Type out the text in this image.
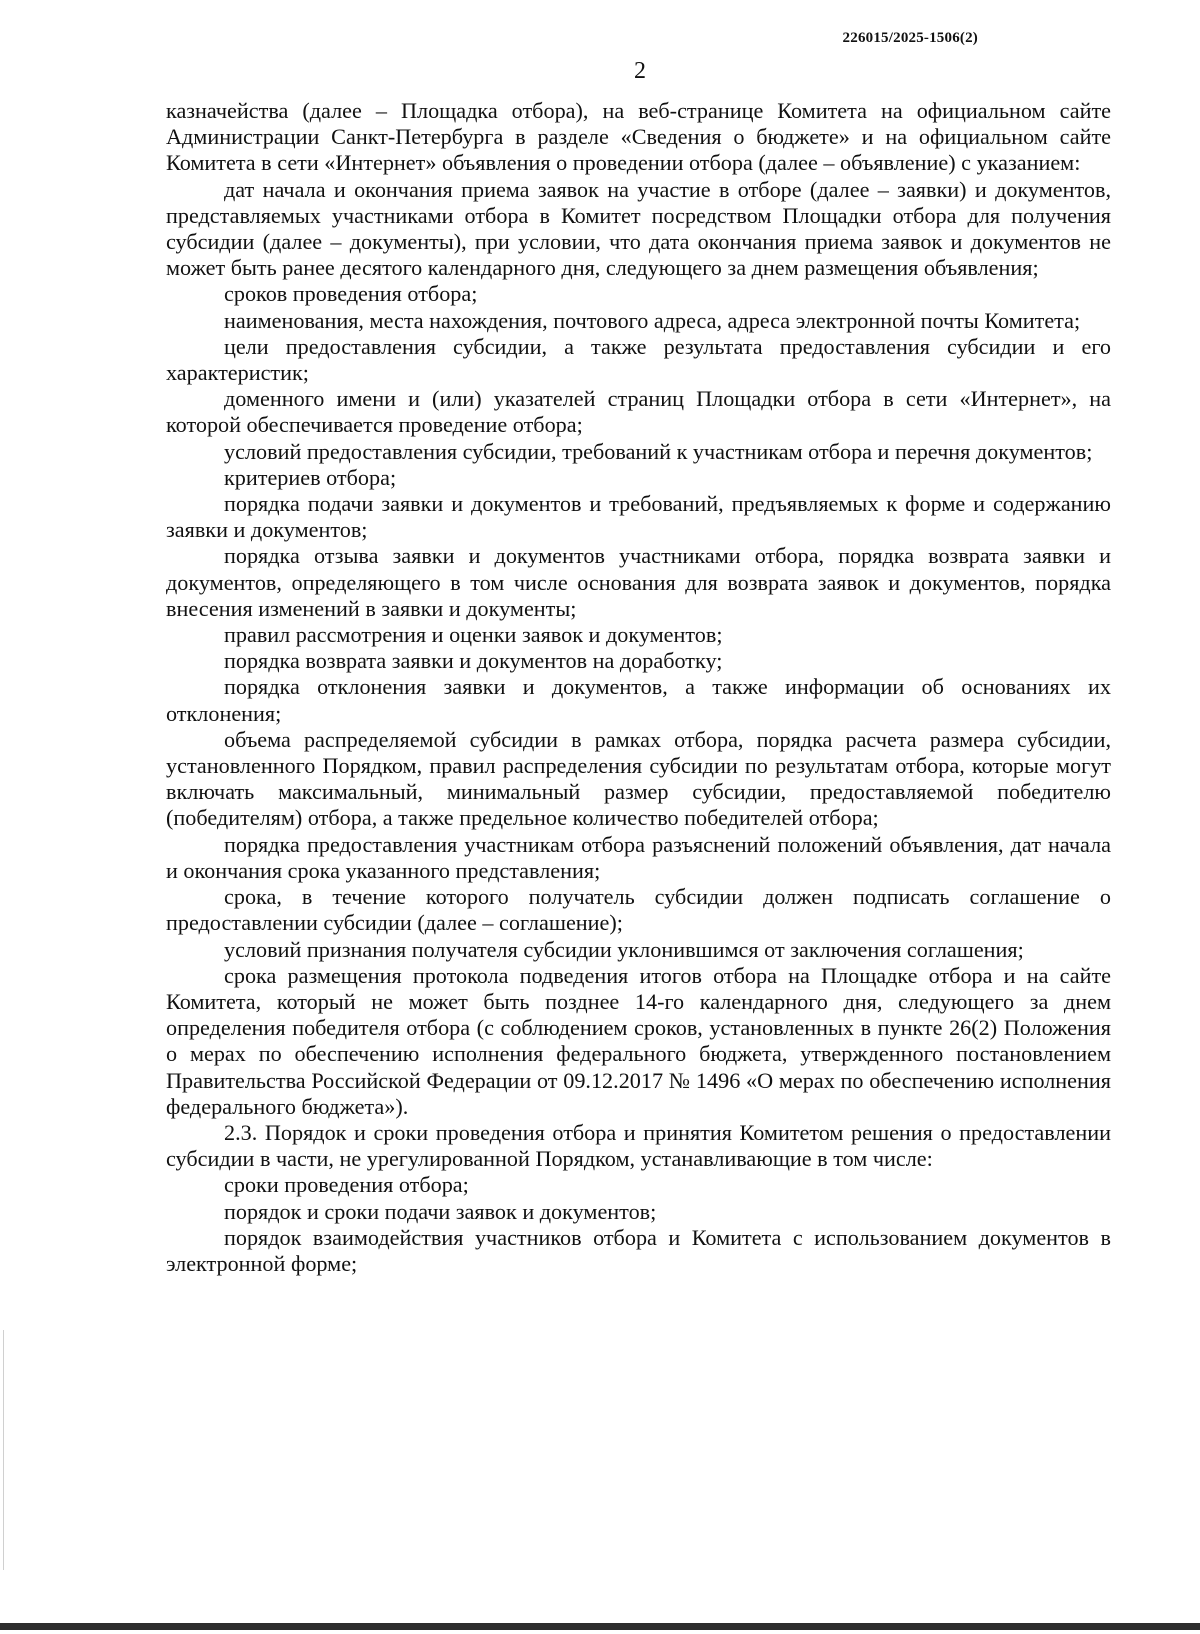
226015/2025-1506(2)
2

казначейства (далее – Площадка отбора), на веб-странице Комитета на официальном сайте Администрации Санкт-Петербурга в разделе «Сведения о бюджете» и на официальном сайте Комитета в сети «Интернет» объявления о проведении отбора (далее – объявление) с указанием:

дат начала и окончания приема заявок на участие в отборе (далее – заявки) и документов, представляемых участниками отбора в Комитет посредством Площадки отбора для получения субсидии (далее – документы), при условии, что дата окончания приема заявок и документов не может быть ранее десятого календарного дня, следующего за днем размещения объявления;

сроков проведения отбора;

наименования, места нахождения, почтового адреса, адреса электронной почты Комитета;

цели предоставления субсидии, а также результата предоставления субсидии и его характеристик;

доменного имени и (или) указателей страниц Площадки отбора в сети «Интернет», на которой обеспечивается проведение отбора;

условий предоставления субсидии, требований к участникам отбора и перечня документов;

критериев отбора;

порядка подачи заявки и документов и требований, предъявляемых к форме и содержанию заявки и документов;

порядка отзыва заявки и документов участниками отбора, порядка возврата заявки и документов, определяющего в том числе основания для возврата заявок и документов, порядка внесения изменений в заявки и документы;

правил рассмотрения и оценки заявок и документов;

порядка возврата заявки и документов на доработку;

порядка отклонения заявки и документов, а также информации об основаниях их отклонения;

объема распределяемой субсидии в рамках отбора, порядка расчета размера субсидии, установленного Порядком, правил распределения субсидии по результатам отбора, которые могут включать максимальный, минимальный размер субсидии, предоставляемой победителю (победителям) отбора, а также предельное количество победителей отбора;

порядка предоставления участникам отбора разъяснений положений объявления, дат начала и окончания срока указанного представления;

срока, в течение которого получатель субсидии должен подписать соглашение о предоставлении субсидии (далее – соглашение);

условий признания получателя субсидии уклонившимся от заключения соглашения;

срока размещения протокола подведения итогов отбора на Площадке отбора и на сайте Комитета, который не может быть позднее 14-го календарного дня, следующего за днем определения победителя отбора (с соблюдением сроков, установленных в пункте 26(2) Положения о мерах по обеспечению исполнения федерального бюджета, утвержденного постановлением Правительства Российской Федерации от 09.12.2017 № 1496 «О мерах по обеспечению исполнения федерального бюджета»).

2.3. Порядок и сроки проведения отбора и принятия Комитетом решения о предоставлении субсидии в части, не урегулированной Порядком, устанавливающие в том числе:

сроки проведения отбора;

порядок и сроки подачи заявок и документов;

порядок взаимодействия участников отбора и Комитета с использованием документов в электронной форме;
